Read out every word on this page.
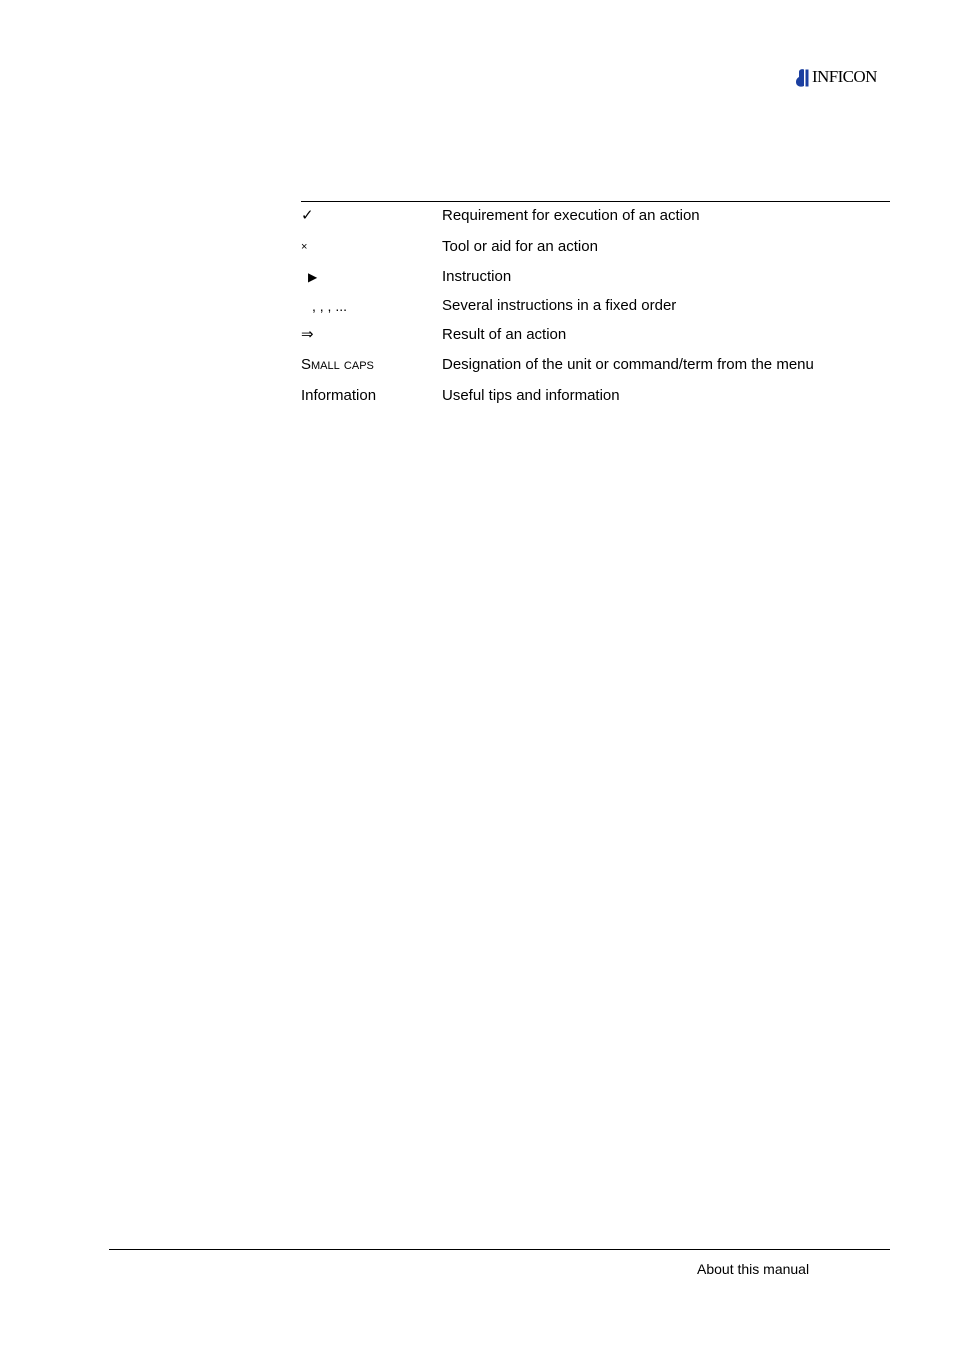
INFICON
✓	Requirement for execution of an action
×	Tool or aid for an action
▶	Instruction
, , , ...	Several instructions in a fixed order
⇒	Result of an action
Small caps	Designation of the unit or command/term from the menu
Information	Useful tips and information
About this manual
